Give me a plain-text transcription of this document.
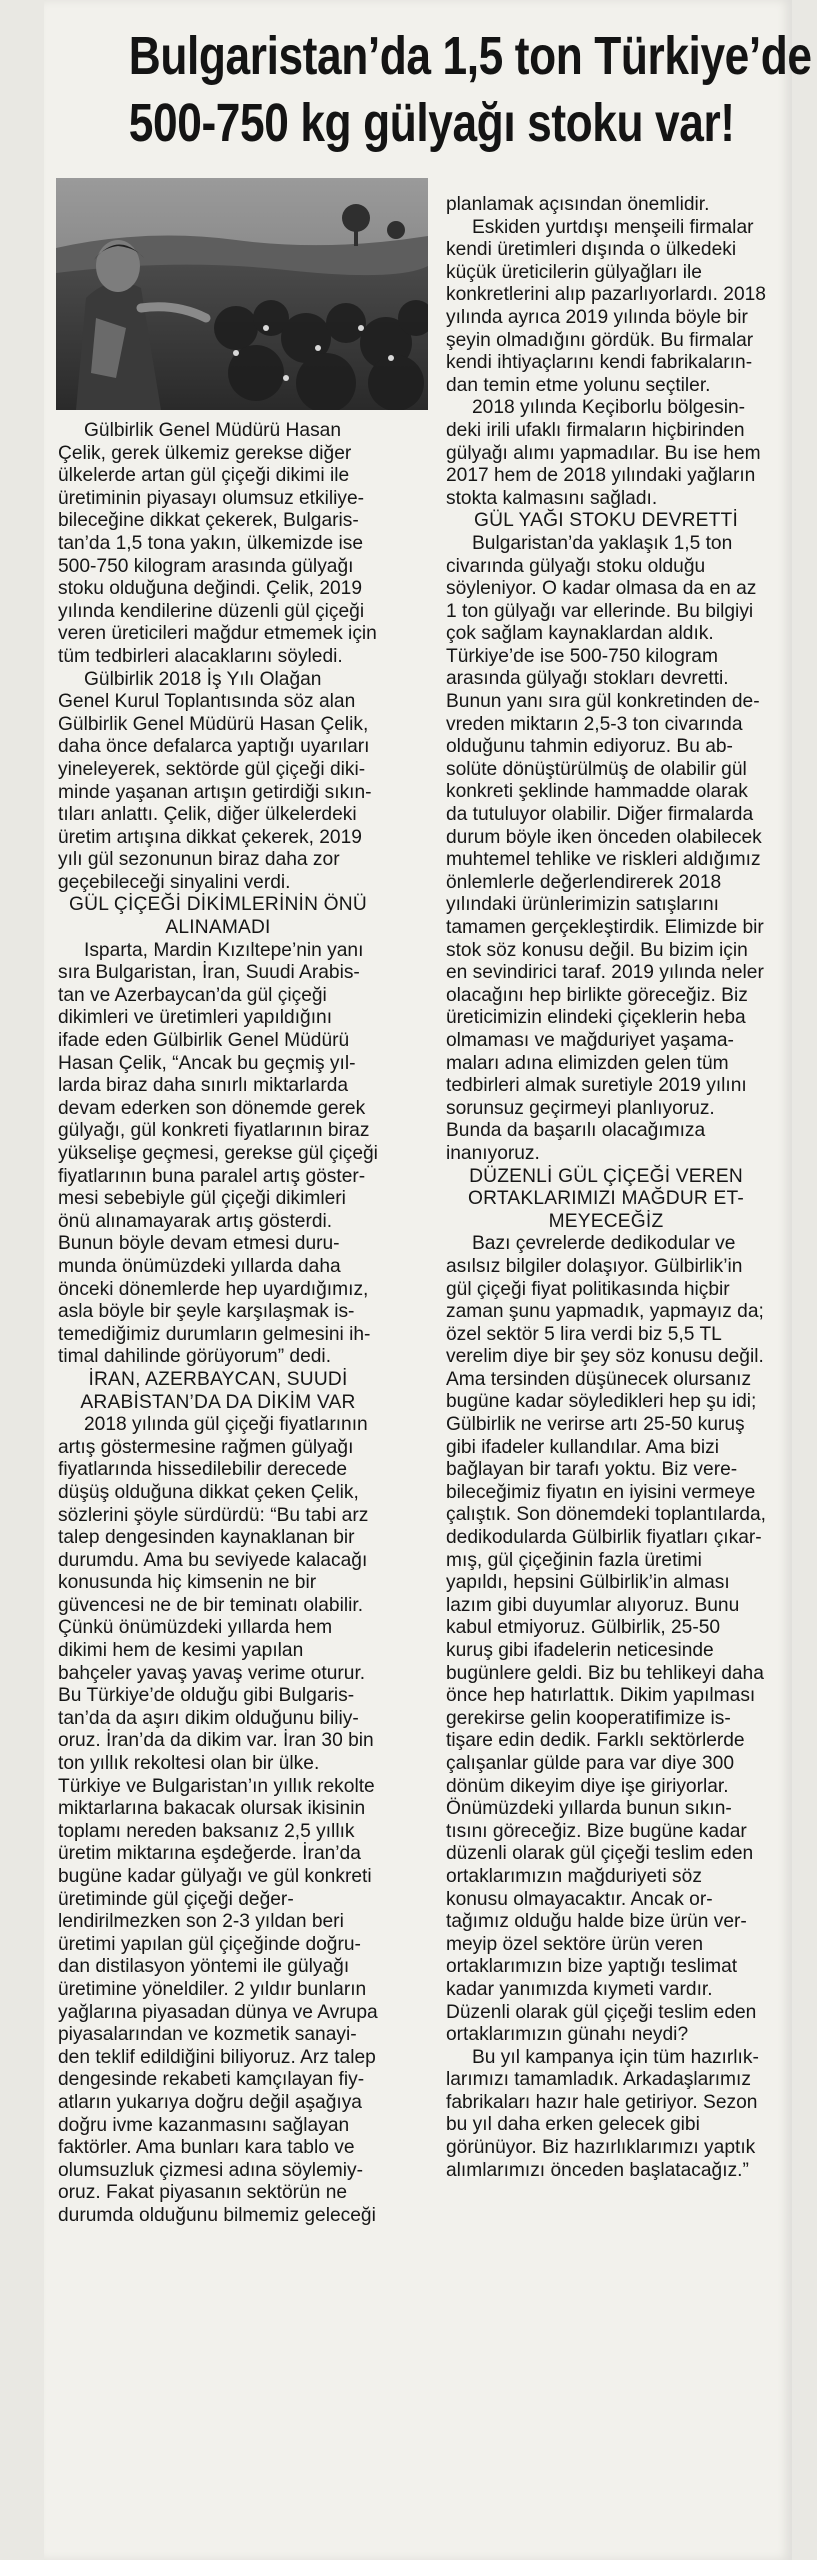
Bulgaristan’da 1,5 ton Türkiye’de
500-750 kg gülyağı stoku var!

Gülbirlik Genel Müdürü Hasan

Çelik, gerek ülkemiz gerekse diğer

ülkelerde artan gül çiçeği dikimi ile

üretiminin piyasayı olumsuz etkiliye-

bileceğine dikkat çekerek, Bulgaris-

tan’da 1,5 tona yakın, ülkemizde ise

500-750 kilogram arasında gülyağı

stoku olduğuna değindi. Çelik, 2019

yılında kendilerine düzenli gül çiçeği

veren üreticileri mağdur etmemek için

tüm tedbirleri alacaklarını söyledi.

Gülbirlik 2018 İş Yılı Olağan

Genel Kurul Toplantısında söz alan

Gülbirlik Genel Müdürü Hasan Çelik,

daha önce defalarca yaptığı uyarıları

yineleyerek, sektörde gül çiçeği diki-

minde yaşanan artışın getirdiği sıkın-

tıları anlattı. Çelik, diğer ülkelerdeki

üretim artışına dikkat çekerek, 2019

yılı gül sezonunun biraz daha zor

geçebileceği sinyalini verdi.

GÜL ÇİÇEĞİ DİKİMLERİNİN ÖNÜ

ALINAMADI

Isparta, Mardin Kızıltepe’nin yanı

sıra Bulgaristan, İran, Suudi Arabis-

tan ve Azerbaycan’da gül çiçeği

dikimleri ve üretimleri yapıldığını

ifade eden Gülbirlik Genel Müdürü

Hasan Çelik, “Ancak bu geçmiş yıl-

larda biraz daha sınırlı miktarlarda

devam ederken son dönemde gerek

gülyağı, gül konkreti fiyatlarının biraz

yükselişe geçmesi, gerekse gül çiçeği

fiyatlarının buna paralel artış göster-

mesi sebebiyle gül çiçeği dikimleri

önü alınamayarak artış gösterdi.

Bunun böyle devam etmesi duru-

munda önümüzdeki yıllarda daha

önceki dönemlerde hep uyardığımız,

asla böyle bir şeyle karşılaşmak is-

temediğimiz durumların gelmesini ih-

timal dahilinde görüyorum” dedi.

İRAN, AZERBAYCAN, SUUDİ

ARABİSTAN’DA DA DİKİM VAR

2018 yılında gül çiçeği fiyatlarının

artış göstermesine rağmen gülyağı

fiyatlarında hissedilebilir derecede

düşüş olduğuna dikkat çeken Çelik,

sözlerini şöyle sürdürdü: “Bu tabi arz

talep dengesinden kaynaklanan bir

durumdu. Ama bu seviyede kalacağı

konusunda hiç kimsenin ne bir

güvencesi ne de bir teminatı olabilir.

Çünkü önümüzdeki yıllarda hem

dikimi hem de kesimi yapılan

bahçeler yavaş yavaş verime oturur.

Bu Türkiye’de olduğu gibi Bulgaris-

tan’da da aşırı dikim olduğunu biliy-

oruz. İran’da da dikim var. İran 30 bin

ton yıllık rekoltesi olan bir ülke.

Türkiye ve Bulgaristan’ın yıllık rekolte

miktarlarına bakacak olursak ikisinin

toplamı nereden baksanız 2,5 yıllık

üretim miktarına eşdeğerde. İran’da

bugüne kadar gülyağı ve gül konkreti

üretiminde gül çiçeği değer-

lendirilmezken son 2-3 yıldan beri

üretimi yapılan gül çiçeğinde doğru-

dan distilasyon yöntemi ile gülyağı

üretimine yöneldiler. 2 yıldır bunların

yağlarına piyasadan dünya ve Avrupa

piyasalarından ve kozmetik sanayi-

den teklif edildiğini biliyoruz. Arz talep

dengesinde rekabeti kamçılayan fiy-

atların yukarıya doğru değil aşağıya

doğru ivme kazanmasını sağlayan

faktörler. Ama bunları kara tablo ve

olumsuzluk çizmesi adına söylemiy-

oruz. Fakat piyasanın sektörün ne

durumda olduğunu bilmemiz geleceği

planlamak açısından önemlidir.

Eskiden yurtdışı menşeili firmalar

kendi üretimleri dışında o ülkedeki

küçük üreticilerin gülyağları ile

konkretlerini alıp pazarlıyorlardı. 2018

yılında ayrıca 2019 yılında böyle bir

şeyin olmadığını gördük. Bu firmalar

kendi ihtiyaçlarını kendi fabrikaların-

dan temin etme yolunu seçtiler.

2018 yılında Keçiborlu bölgesin-

deki irili ufaklı firmaların hiçbirinden

gülyağı alımı yapmadılar. Bu ise hem

2017 hem de 2018 yılındaki yağların

stokta kalmasını sağladı.

GÜL YAĞI STOKU DEVRETTİ

Bulgaristan’da yaklaşık 1,5 ton

civarında gülyağı stoku olduğu

söyleniyor. O kadar olmasa da en az

1 ton gülyağı var ellerinde. Bu bilgiyi

çok sağlam kaynaklardan aldık.

Türkiye’de ise 500-750 kilogram

arasında gülyağı stokları devretti.

Bunun yanı sıra gül konkretinden de-

vreden miktarın 2,5-3 ton civarında

olduğunu tahmin ediyoruz. Bu ab-

solüte dönüştürülmüş de olabilir gül

konkreti şeklinde hammadde olarak

da tutuluyor olabilir. Diğer firmalarda

durum böyle iken önceden olabilecek

muhtemel tehlike ve riskleri aldığımız

önlemlerle değerlendirerek 2018

yılındaki ürünlerimizin satışlarını

tamamen gerçekleştirdik. Elimizde bir

stok söz konusu değil. Bu bizim için

en sevindirici taraf. 2019 yılında neler

olacağını hep birlikte göreceğiz. Biz

üreticimizin elindeki çiçeklerin heba

olmaması ve mağduriyet yaşama-

maları adına elimizden gelen tüm

tedbirleri almak suretiyle 2019 yılını

sorunsuz geçirmeyi planlıyoruz.

Bunda da başarılı olacağımıza

inanıyoruz.

DÜZENLİ GÜL ÇİÇEĞİ VEREN

ORTAKLARIMIZI MAĞDUR ET-

MEYECEĞİZ

Bazı çevrelerde dedikodular ve

asılsız bilgiler dolaşıyor. Gülbirlik’in

gül çiçeği fiyat politikasında hiçbir

zaman şunu yapmadık, yapmayız da;

özel sektör 5 lira verdi biz 5,5 TL

verelim diye bir şey söz konusu değil.

Ama tersinden düşünecek olursanız

bugüne kadar söyledikleri hep şu idi;

Gülbirlik ne verirse artı 25-50 kuruş

gibi ifadeler kullandılar. Ama bizi

bağlayan bir tarafı yoktu. Biz vere-

bileceğimiz fiyatın en iyisini vermeye

çalıştık. Son dönemdeki toplantılarda,

dedikodularda Gülbirlik fiyatları çıkar-

mış, gül çiçeğinin fazla üretimi

yapıldı, hepsini Gülbirlik’in alması

lazım gibi duyumlar alıyoruz. Bunu

kabul etmiyoruz. Gülbirlik, 25-50

kuruş gibi ifadelerin neticesinde

bugünlere geldi. Biz bu tehlikeyi daha

önce hep hatırlattık. Dikim yapılması

gerekirse gelin kooperatifimize is-

tişare edin dedik. Farklı sektörlerde

çalışanlar gülde para var diye 300

dönüm dikeyim diye işe giriyorlar.

Önümüzdeki yıllarda bunun sıkın-

tısını göreceğiz. Bize bugüne kadar

düzenli olarak gül çiçeği teslim eden

ortaklarımızın mağduriyeti söz

konusu olmayacaktır. Ancak or-

tağımız olduğu halde bize ürün ver-

meyip özel sektöre ürün veren

ortaklarımızın bize yaptığı teslimat

kadar yanımızda kıymeti vardır.

Düzenli olarak gül çiçeği teslim eden

ortaklarımızın günahı neydi?

Bu yıl kampanya için tüm hazırlık-

larımızı tamamladık. Arkadaşlarımız

fabrikaları hazır hale getiriyor. Sezon

bu yıl daha erken gelecek gibi

görünüyor. Biz hazırlıklarımızı yaptık

alımlarımızı önceden başlatacağız.”
